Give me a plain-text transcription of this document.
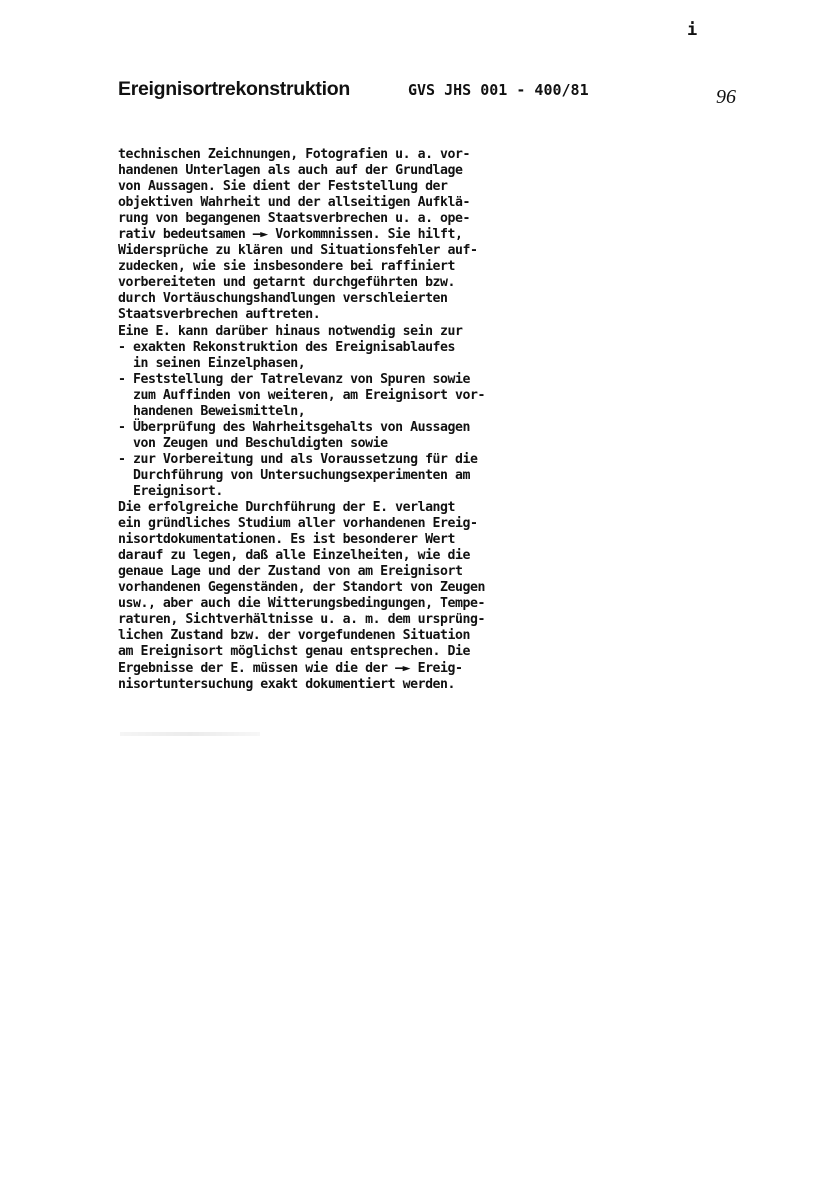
i
Ereignisortrekonstruktion	GVS JHS 001 - 400/81	96
technischen Zeichnungen, Fotografien u. a. vor-
handenen Unterlagen als auch auf der Grundlage
von Aussagen. Sie dient der Feststellung der
objektiven Wahrheit und der allseitigen Aufklä-
rung von begangenen Staatsverbrechen u. a. ope-
rativ bedeutsamen —► Vorkommnissen. Sie hilft,
Widersprüche zu klären und Situationsfehler auf-
zudecken, wie sie insbesondere bei raffiniert
vorbereiteten und getarnt durchgeführten bzw.
durch Vortäuschungshandlungen verschleierten
Staatsverbrechen auftreten.
Eine E. kann darüber hinaus notwendig sein zur
- exakten Rekonstruktion des Ereignisablaufes
in seinen Einzelphasen,
- Feststellung der Tatrelevanz von Spuren sowie
zum Auffinden von weiteren, am Ereignisort vor-
handenen Beweismitteln,
- Überprüfung des Wahrheitsgehalts von Aussagen
von Zeugen und Beschuldigten sowie
- zur Vorbereitung und als Voraussetzung für die
Durchführung von Untersuchungsexperimenten am
Ereignisort.
Die erfolgreiche Durchführung der E. verlangt
ein gründliches Studium aller vorhandenen Ereig-
nisortdokumentationen. Es ist besonderer Wert
darauf zu legen, daß alle Einzelheiten, wie die
genaue Lage und der Zustand von am Ereignisort
vorhandenen Gegenständen, der Standort von Zeugen
usw., aber auch die Witterungsbedingungen, Tempe-
raturen, Sichtverhältnisse u. a. m. dem ursprüng-
lichen Zustand bzw. der vorgefundenen Situation
am Ereignisort möglichst genau entsprechen. Die
Ergebnisse der E. müssen wie die der —► Ereig-
nisortuntersuchung exakt dokumentiert werden.
